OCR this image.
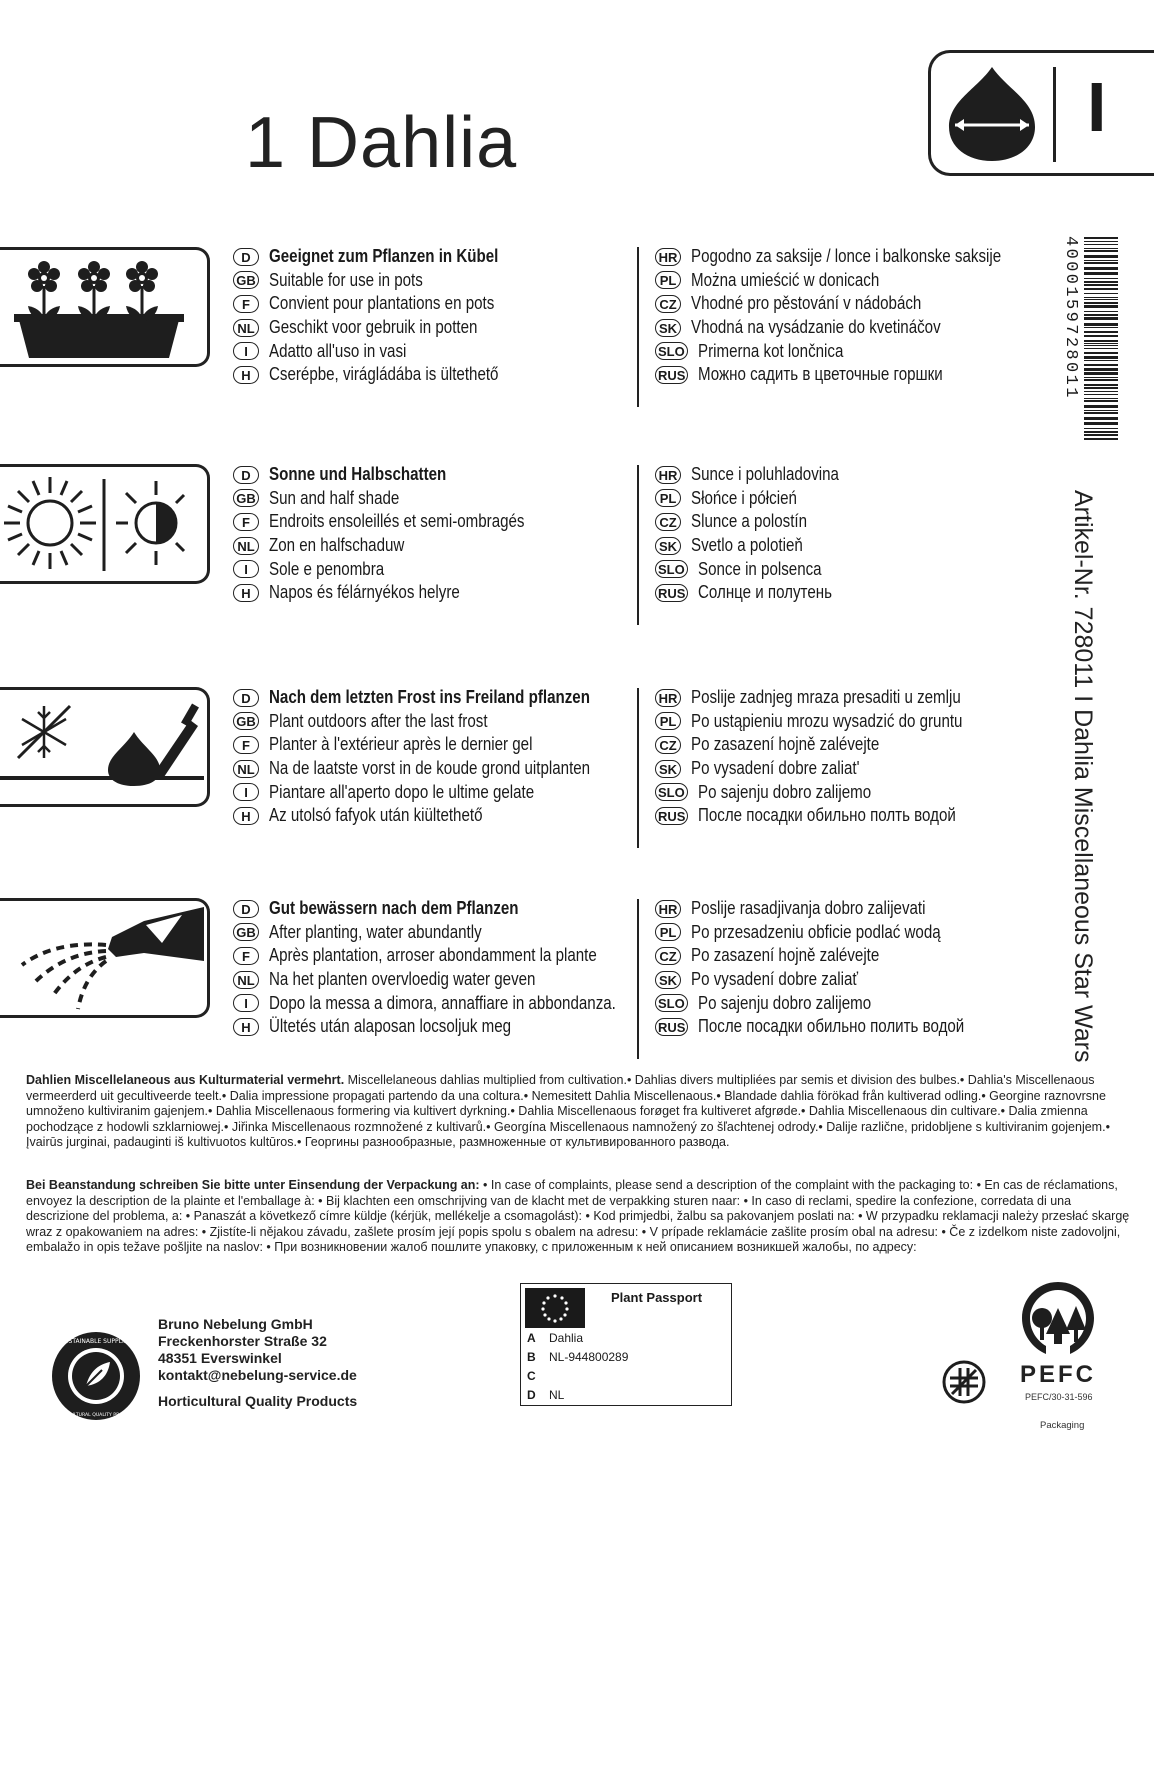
1 Dahlia	I
D	Geeignet zum Pflanzen in Kübel
GB Suitable for use in pots
F	Convient pour plantations en pots
NL Geschikt voor gebruik in potten
I	Adatto all'uso in vasi
H	Cserépbe, virágládába is ültethető
HR Pogodno za saksije / lonce i balkonske saksije
PL Można umieścić w donicach
CZ Vhodné pro pěstování v nádobách
SK Vhodná na vysádzanie do kvetináčov
SLO Primerna kot lončnica
RUS Можно садить в цветочные горшки
D	Sonne und Halbschatten
GB Sun and half shade
F	Endroits ensoleillés et semi-ombragés
NL Zon en halfschaduw
I	Sole e penombra
H	Napos és félárnyékos helyre
HR Sunce i poluhladovina
PL Słońce i półcień
CZ Slunce a polostín
SK Svetlo a polotieň
SLO Sonce in polsenca
RUS Солнце и полутень
D	Nach dem letzten Frost ins Freiland pflanzen
GB Plant outdoors after the last frost
F	Planter à l'extérieur après le dernier gel
NL Na de laatste vorst in de koude grond uitplanten
I	Piantare all'aperto dopo le ultime gelate
H	Az utolsó fafyok után kiültethető
HR Poslije zadnjeg mraza presaditi u zemlju
PL Po ustąpieniu mrozu wysadzić do gruntu
CZ Po zasazení hojně zalévejte
SK Po vysadení dobre zaliat'
SLO Po sajenju dobro zalijemo
RUS После посадки обильно полть водой
D	Gut bewässern nach dem Pflanzen
GB After planting, water abundantly
F	Après plantation, arroser abondamment la plante
NL Na het planten overvloedig water geven
I	Dopo la messa a dimora, annaffiare in abbondanza.
H	Ültetés után alaposan locsoljuk meg
HR Poslije rasadjivanja dobro zalijevati
PL Po przesadzeniu obficie podlać wodą
CZ Po zasazení hojně zalévejte
SK Po vysadení dobre zaliať
SLO Po sajenju dobro zalijemo
RUS После посадки обильно полить водой	Artikel-Nr. 728011 I Dahlia Miscellaneous Star Wars
4000159728011
Dahlien Miscellelaneous aus Kulturmaterial vermehrt. Miscellelaneous dahlias multiplied from cultivation.• Dahlias divers multipliées par semis et division des bulbes.• Dahlia's Miscellenaous vermeerderd uit gecultiveerde teelt.• Dalia impressione propagati partendo da una coltura.• Nemesitett Dahlia Miscellenaous.• Blandade dahlia förökad från kultiverad odling.• Georgine raznovrsne umnoženo kultiviranim gajenjem.• Dahlia Miscellenaous formering via kultivert dyrkning.• Dahlia Miscellenaous forøget fra kultiveret afgrøde.• Dahlia Miscellenaous din cultivare.• Dalia zmienna pochodzące z hodowli szklarniowej.• Jiřinka Miscellenaous rozmnožené z kultivarů.• Georgína Miscellenaous namnožený zo šľachtenej odrody.• Dalije različne, pridobljene s kultiviranim gojenjem.• Įvairūs jurginai, padauginti iš kultivuotos kultūros.• Георгины разнообразные, размноженные от культивированного развода.
Bei Beanstandung schreiben Sie bitte unter Einsendung der Verpackung an: • In case of complaints, please send a description of the complaint with the packaging to: • En cas de réclamations, envoyez la description de la plainte et l'emballage à: • Bij klachten een omschrijving van de klacht met de verpakking sturen naar: • In caso di reclami, spedire la confezione, corredata di una descrizione del problema, a: • Panaszát a következő címre küldje (kérjük, mellékelje a csomagolást): • Kod primjedbi, žalbu sa pakovanjem poslati na: • W przypadku reklamacji należy przesłać skargę wraz z opakowaniem na adres: • Zjistíte-li nějakou závadu, zašlete prosím její popis spolu s obalem na adresu: • V prípade reklamácie zašlite prosím obal na adresu: • Če z izdelkom niste zadovoljni, embalažo in opis težave pošljite na naslov: • При возникновении жалоб пошлите упаковку, с приложенным к ней описанием возникшей жалобы, по адресу:
SUSTAINABLE SUPPLIER
HORTICULTURAL QUALITY PRODUCTS
Bruno Nebelung GmbH
Freckenhorster Straße 32
48351 Everswinkel
kontakt@nebelung-service.de
Horticultural Quality Products
Plant Passport
A Dahlia
B NL-944800289
C
D NL
PEFC
PEFC/30-31-596
Packaging
